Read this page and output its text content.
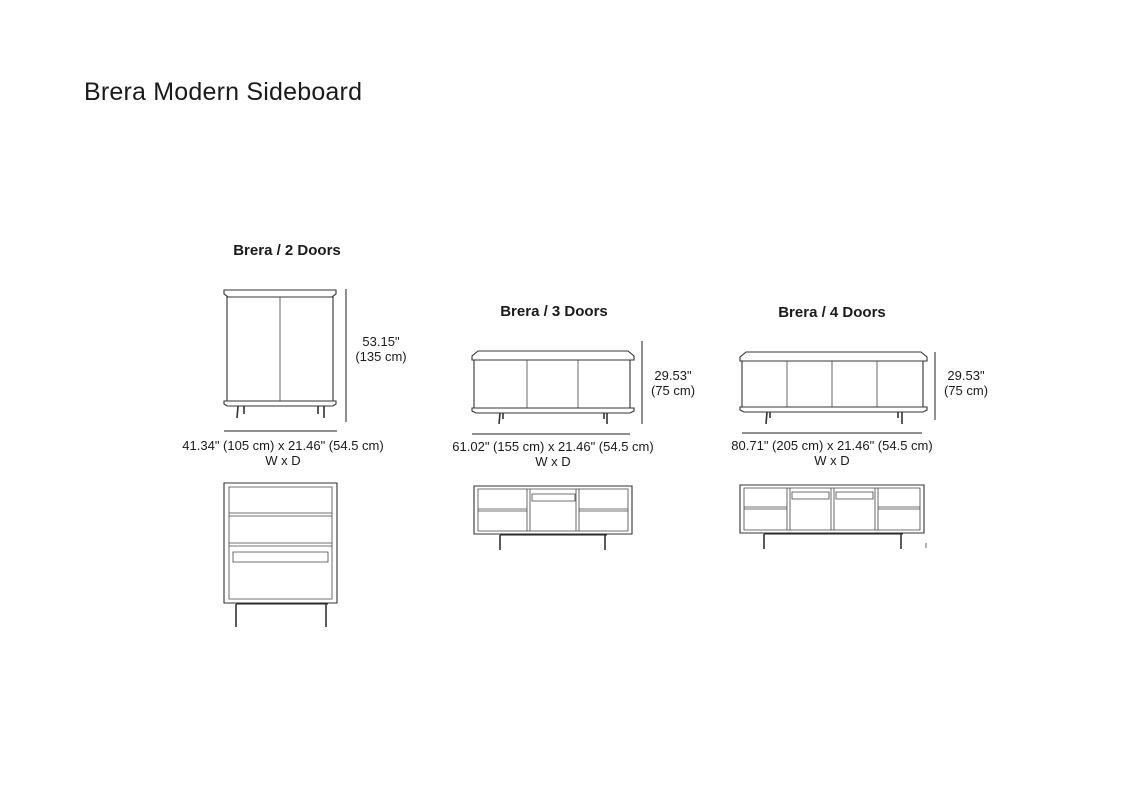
Brera Modern Sideboard
Brera / 2 Doors
Brera / 3 Doors	Brera / 4 Doors
53.15"
(135 cm)
29.53"
(75 cm)
29.53"
(75 cm)
41.34" (105 cm) x 21.46" (54.5 cm)
W x D
61.02" (155 cm) x 21.46" (54.5 cm)
W x D
80.71" (205 cm) x 21.46" (54.5 cm)
W x D
